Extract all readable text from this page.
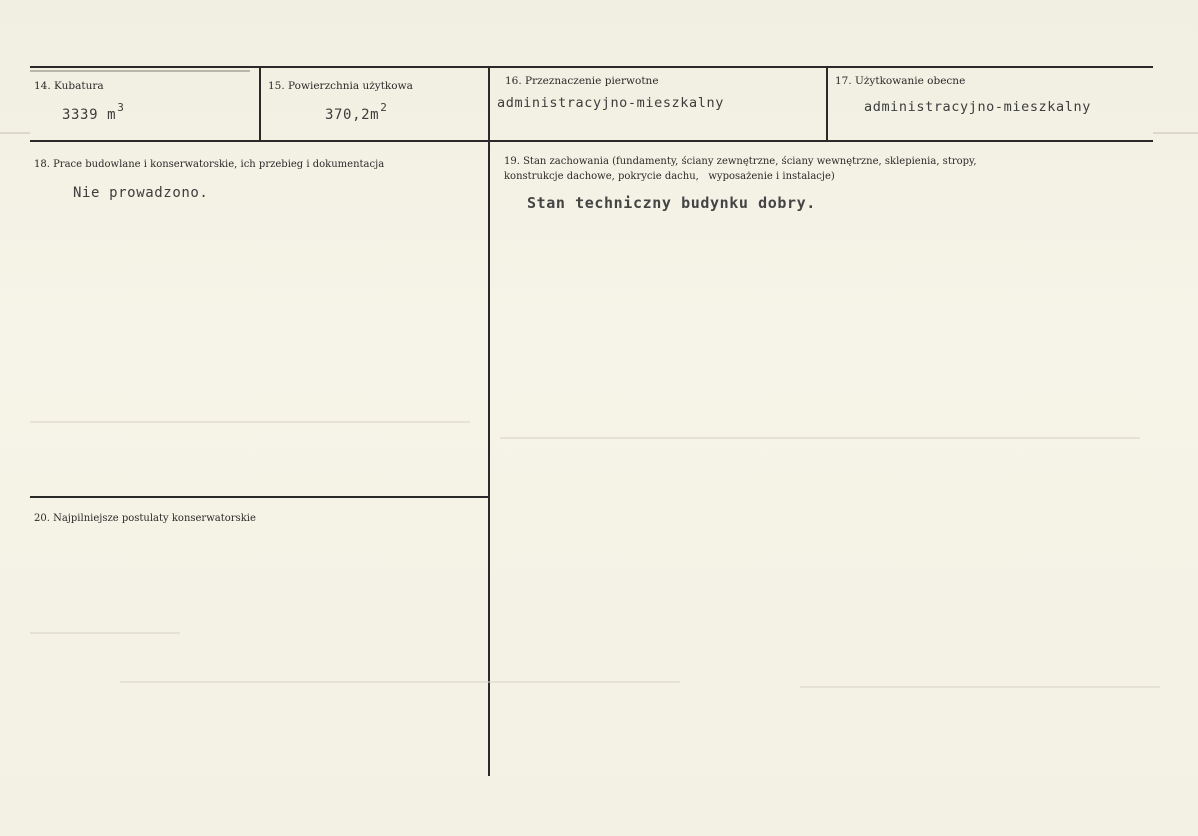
14. Kubatura
3339 $m^3$
15. Powierzchnia użytkowa
$370,2m^2$
16. Przeznaczenie pierwotne
administracyjno-mieszkalny
17. Użytkowanie obecne
administracyjno-mieszkalny
18. Prace budowlane i konserwatorskie, ich przebieg i dokumentacja
Nie prowadzono.
19. Stan zachowania (fundamenty, ściany zewnętrzne, ściany wewnętrzne, sklepienia, stropy,
konstrukcje dachowe, pokrycie dachu,   wyposażenie i instalacje)
Stan techniczny budynku dobry.
20. Najpilniejsze postulaty konserwatorskie
